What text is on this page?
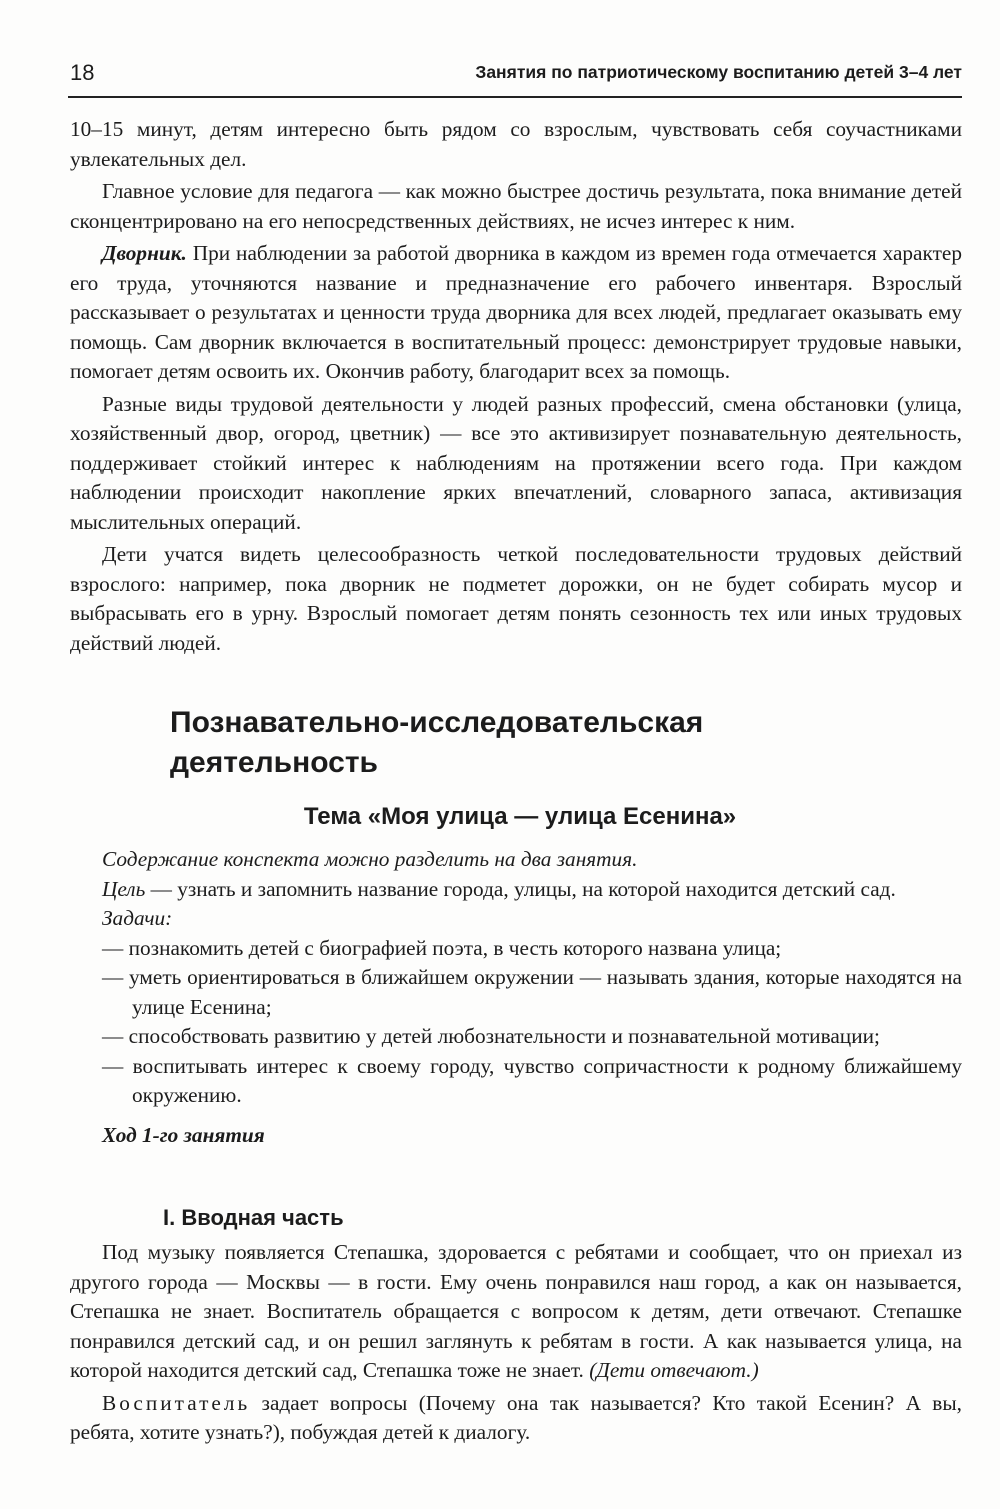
18	Занятия по патриотическому воспитанию детей 3–4 лет

10–15 минут, детям интересно быть рядом со взрослым, чувствовать себя соучастниками увлекательных дел.

Главное условие для педагога — как можно быстрее достичь результата, пока внимание детей сконцентрировано на его непосредственных действиях, не исчез интерес к ним.

Дворник. При наблюдении за работой дворника в каждом из времен года отмечается характер его труда, уточняются название и предназначение его рабочего инвентаря. Взрослый рассказывает о результатах и ценности труда дворника для всех людей, предлагает оказывать ему помощь. Сам дворник включается в воспитательный процесс: демонстрирует трудовые навыки, помогает детям освоить их. Окончив работу, благодарит всех за помощь.

Разные виды трудовой деятельности у людей разных профессий, смена обстановки (улица, хозяйственный двор, огород, цветник) — все это активизирует познавательную деятельность, поддерживает стойкий интерес к наблюдениям на протяжении всего года. При каждом наблюдении происходит накопление ярких впечатлений, словарного запаса, активизация мыслительных операций.

Дети учатся видеть целесообразность четкой последовательности трудовых действий взрослого: например, пока дворник не подметет дорожки, он не будет собирать мусор и выбрасывать его в урну. Взрослый помогает детям понять сезонность тех или иных трудовых действий людей.

Познавательно-исследовательская
деятельность
Тема «Моя улица — улица Есенина»

Содержание конспекта можно разделить на два занятия.

Цель — узнать и запомнить название города, улицы, на которой находится детский сад.

Задачи:

— познакомить детей с биографией поэта, в честь которого названа улица;
— уметь ориентироваться в ближайшем окружении — называть здания, которые находятся на улице Есенина;
— способствовать развитию у детей любознательности и познавательной мотивации;
— воспитывать интерес к своему городу, чувство сопричастности к родному ближайшему окружению.

Ход 1-го занятия

I. Вводная часть

Под музыку появляется Степашка, здоровается с ребятами и сообщает, что он приехал из другого города — Москвы — в гости. Ему очень понравился наш город, а как он называется, Степашка не знает. Воспитатель обращается с вопросом к детям, дети отвечают. Степашке понравился детский сад, и он решил заглянуть к ребятам в гости. А как называется улица, на которой находится детский сад, Степашка тоже не знает. (Дети отвечают.)

Воспитатель задает вопросы (Почему она так называется? Кто такой Есенин? А вы, ребята, хотите узнать?), побуждая детей к диалогу.
